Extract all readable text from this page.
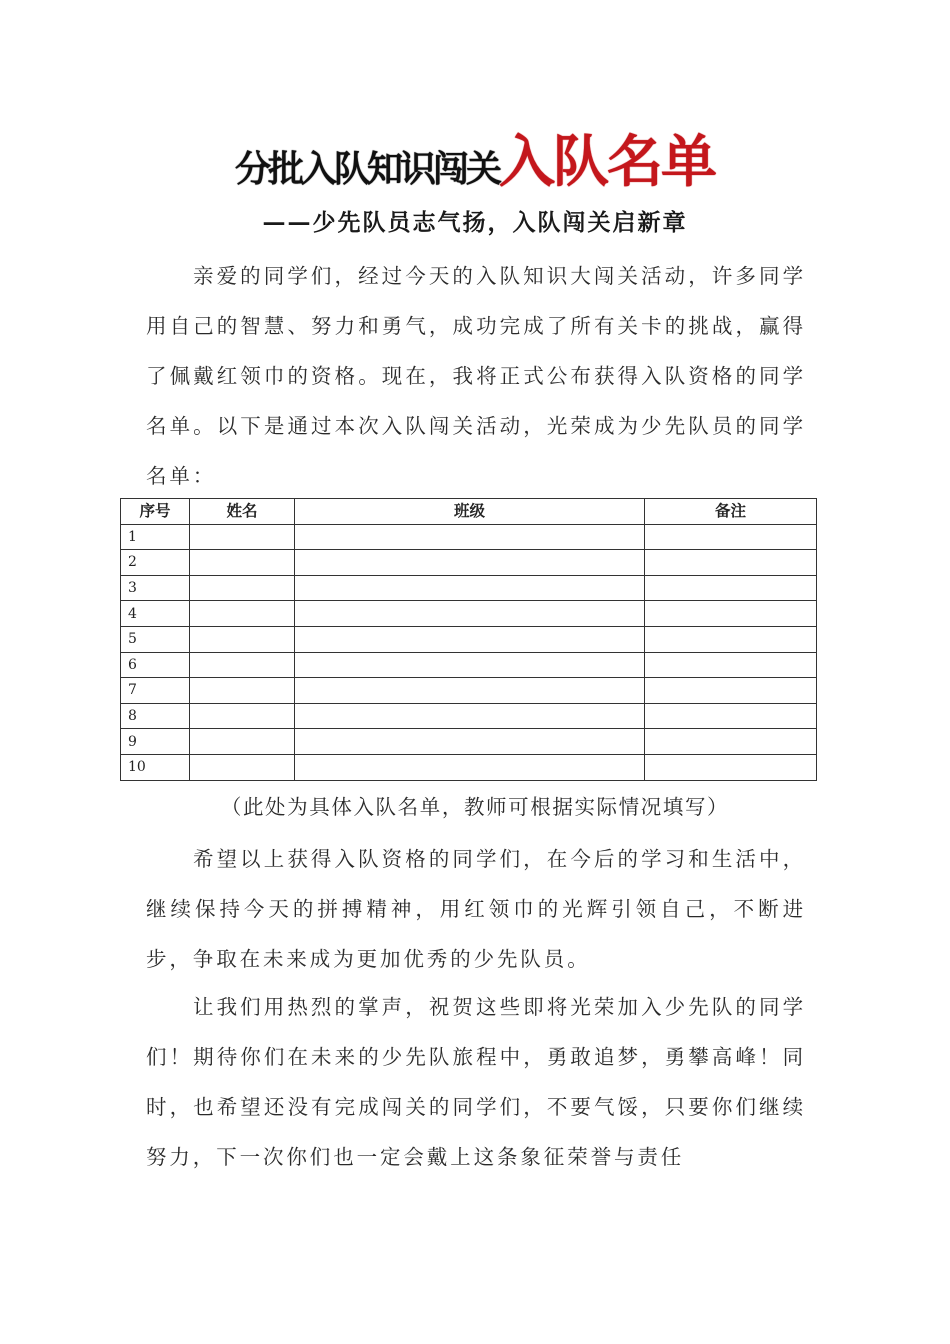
分批入队知识闯关入队名单
——少先队员志气扬，入队闯关启新章

亲爱的同学们，经过今天的入队知识大闯关活动，许多同学用自己的智慧、努力和勇气，成功完成了所有关卡的挑战，赢得了佩戴红领巾的资格。现在，我将正式公布获得入队资格的同学名单。以下是通过本次入队闯关活动，光荣成为少先队员的同学名单：

序号	姓名	班级	备注
1			
2			
3			
4			
5			
6			
7			
8			
9			
10			
（此处为具体入队名单，教师可根据实际情况填写）

希望以上获得入队资格的同学们，在今后的学习和生活中，继续保持今天的拼搏精神，用红领巾的光辉引领自己，不断进步，争取在未来成为更加优秀的少先队员。

让我们用热烈的掌声，祝贺这些即将光荣加入少先队的同学们！期待你们在未来的少先队旅程中，勇敢追梦，勇攀高峰！同时，也希望还没有完成闯关的同学们，不要气馁，只要你们继续努力，下一次你们也一定会戴上这条象征荣誉与责任
